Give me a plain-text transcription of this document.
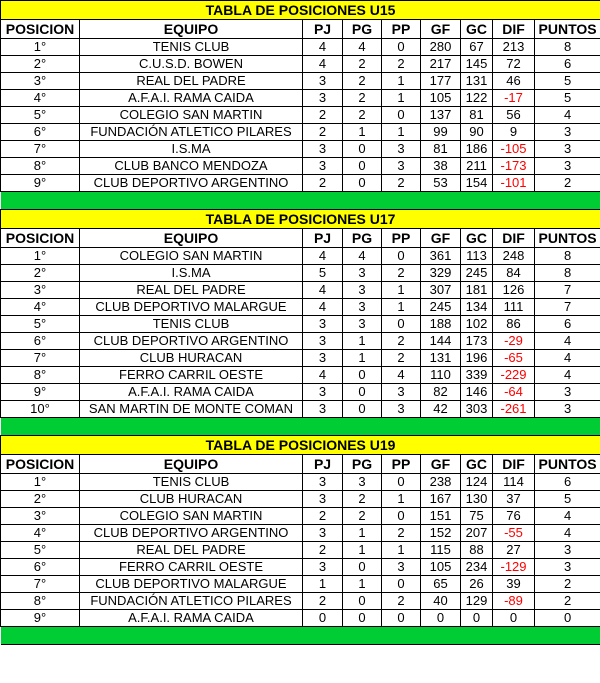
TABLA DE POSICIONES U15								
POSICION	EQUIPO	PJ	PG	PP	GF	GC	DIF	PUNTOS
1°	TENIS CLUB	4	4	0	280	67	213	8
2°	C.U.S.D. BOWEN	4	2	2	217	145	72	6
3°	REAL DEL PADRE	3	2	1	177	131	46	5
4°	A.F.A.I. RAMA CAIDA	3	2	1	105	122	-17	5
5°	COLEGIO SAN MARTIN	2	2	0	137	81	56	4
6°	FUNDACIÓN ATLETICO PILARES	2	1	1	99	90	9	3
7°	I.S.MA	3	0	3	81	186	-105	3
8°	CLUB BANCO MENDOZA	3	0	3	38	211	-173	3
9°	CLUB DEPORTIVO ARGENTINO	2	0	2	53	154	-101	2

TABLA DE POSICIONES U17								
POSICION	EQUIPO	PJ	PG	PP	GF	GC	DIF	PUNTOS
1°	COLEGIO SAN MARTIN	4	4	0	361	113	248	8
2°	I.S.MA	5	3	2	329	245	84	8
3°	REAL DEL PADRE	4	3	1	307	181	126	7
4°	CLUB DEPORTIVO MALARGUE	4	3	1	245	134	111	7
5°	TENIS CLUB	3	3	0	188	102	86	6
6°	CLUB DEPORTIVO ARGENTINO	3	1	2	144	173	-29	4
7°	CLUB HURACAN	3	1	2	131	196	-65	4
8°	FERRO CARRIL OESTE	4	0	4	110	339	-229	4
9°	A.F.A.I. RAMA CAIDA	3	0	3	82	146	-64	3
10°	SAN MARTIN DE MONTE COMAN	3	0	3	42	303	-261	3

TABLA DE POSICIONES U19								
POSICION	EQUIPO	PJ	PG	PP	GF	GC	DIF	PUNTOS
1°	TENIS CLUB	3	3	0	238	124	114	6
2°	CLUB HURACAN	3	2	1	167	130	37	5
3°	COLEGIO SAN MARTIN	2	2	0	151	75	76	4
4°	CLUB DEPORTIVO ARGENTINO	3	1	2	152	207	-55	4
5°	REAL DEL PADRE	2	1	1	115	88	27	3
6°	FERRO CARRIL OESTE	3	0	3	105	234	-129	3
7°	CLUB DEPORTIVO MALARGUE	1	1	0	65	26	39	2
8°	FUNDACIÓN ATLETICO PILARES	2	0	2	40	129	-89	2
9°	A.F.A.I. RAMA CAIDA	0	0	0	0	0	0	0
